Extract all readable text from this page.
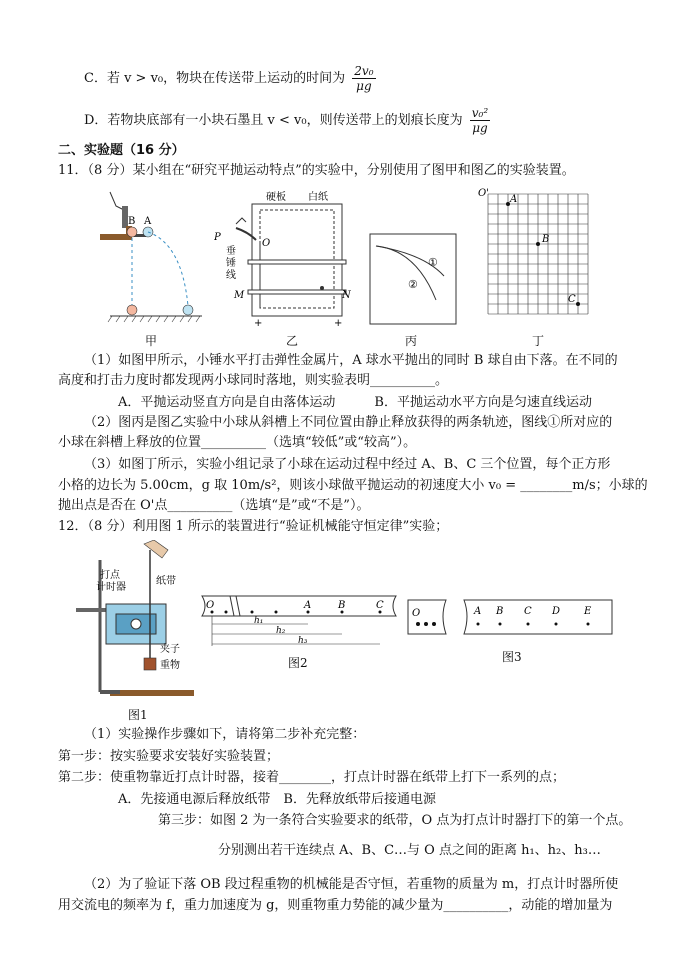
C．若 v > v₀，物块在传送带上运动的时间为 $\frac{\text{2v₀}}{\mu g}$
D．若物块底部有一小块石墨且 v < v₀，则传送带上的划痕长度为 $\frac{\text{v₀²}}{\mu g}$
二、实验题（16 分）
11．（8 分）某小组在“研究平抛运动特点”的实验中，分别使用了图甲和图乙的实验装置。
B A
甲
硬板 白纸
P
O
垂
锤
线
M	N
+	+
乙
①
②
丙
O'
A
B
C
丁
（1）如图甲所示，小锤水平打击弹性金属片，A 球水平抛出的同时 B 球自由下落。在不同的
高度和打击力度时都发现两小球同时落地，则实验表明__________。
A．平抛运动竖直方向是自由落体运动　　　B．平抛运动水平方向是匀速直线运动
（2）图丙是图乙实验中小球从斜槽上不同位置由静止释放获得的两条轨迹，图线①所对应的
小球在斜槽上释放的位置__________（选填“较低”或“较高”）。
（3）如图丁所示，实验小组记录了小球在运动过程中经过 A、B、C 三个位置，每个正方形
小格的边长为 5.00cm，g 取 10m/s²，则该小球做平抛运动的初速度大小 v₀ = ________m/s；小球的
抛出点是否在 O'点__________（选填“是”或“不是”）。
12．（8 分）利用图 1 所示的装置进行“验证机械能守恒定律”实验；
打点
计时器
纸带
夹子
重物
图1
O	A	B	C
h₁
h₂
h₃
图2
O	A B C D E
图3
（1）实验操作步骤如下，请将第二步补充完整：
第一步：按实验要求安装好实验装置；
第二步：使重物靠近打点计时器，接着________，打点计时器在纸带上打下一系列的点；
A．先接通电源后释放纸带　B．先释放纸带后接通电源
第三步：如图 2 为一条符合实验要求的纸带，O 点为打点计时器打下的第一个点。
分别测出若干连续点 A、B、C…与 O 点之间的距离 h₁、h₂、h₃…
（2）为了验证下落 OB 段过程重物的机械能是否守恒，若重物的质量为 m，打点计时器所使
用交流电的频率为 f，重力加速度为 g，则重物重力势能的减少量为__________，动能的增加量为
